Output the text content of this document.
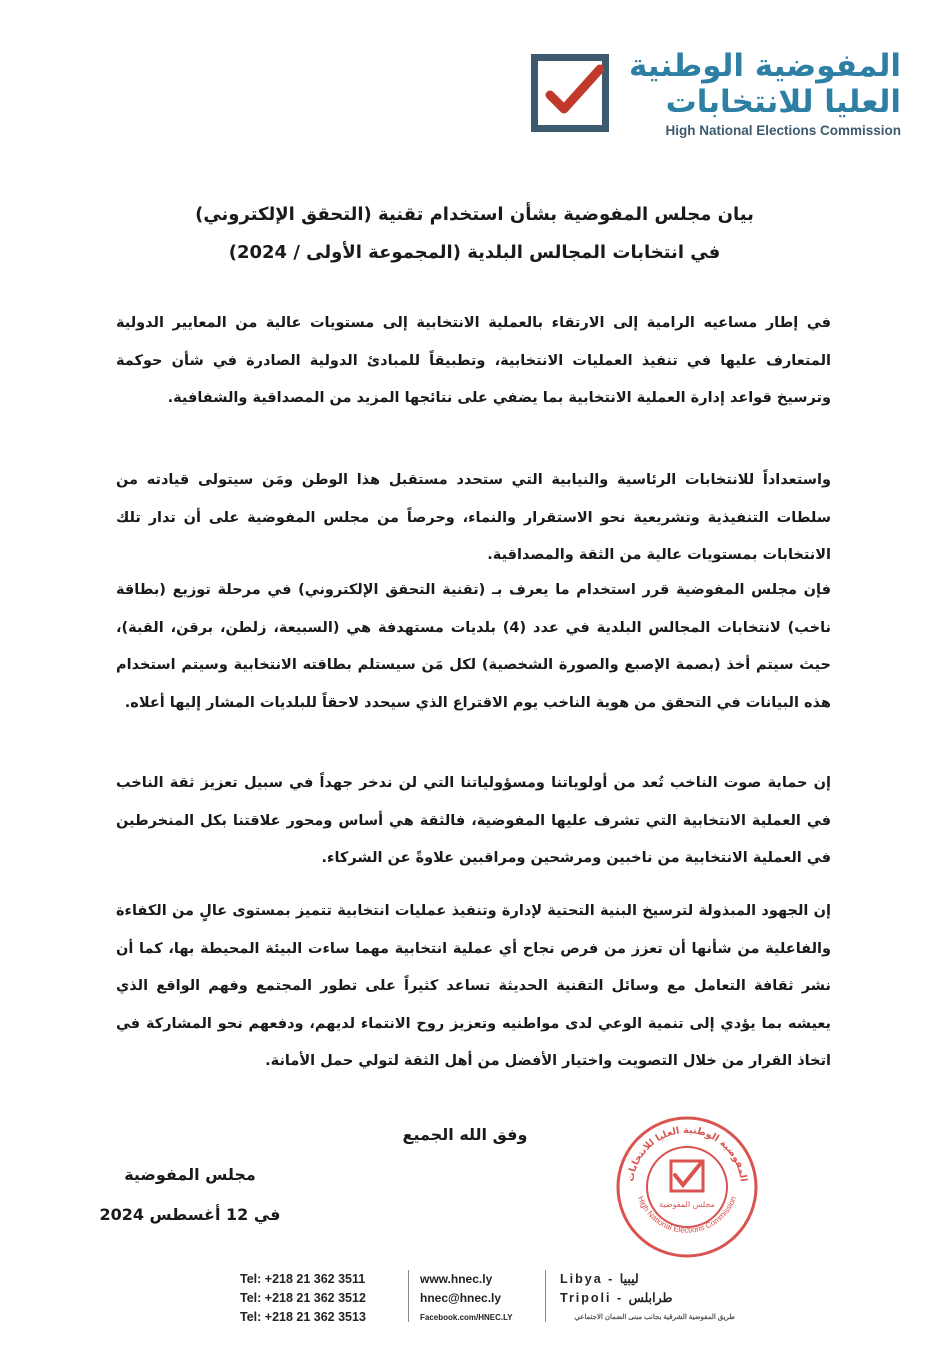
المفوضية الوطنية
العليا للانتخابات
High National Elections Commission
بيان مجلس المفوضية بشأن استخدام تقنية (التحقق الإلكتروني)
في انتخابات المجالس البلدية (المجموعة الأولى / 2024)
في إطار مساعيه الرامية إلى الارتقاء بالعملية الانتخابية إلى مستويات عالية من المعايير الدولية المتعارف عليها في تنفيذ العمليات الانتخابية، وتطبيقاً للمبادئ الدولية الصادرة في شأن حوكمة وترسيخ قواعد إدارة العملية الانتخابية بما يضفي على نتائجها المزيد من المصداقية والشفافية.
واستعداداً للانتخابات الرئاسية والنيابية التي ستحدد مستقبل هذا الوطن ومَن سيتولى قيادته من سلطات التنفيذية وتشريعية نحو الاستقرار والنماء، وحرصاً من مجلس المفوضية على أن تدار تلك الانتخابات بمستويات عالية من الثقة والمصداقية.
فإن مجلس المفوضية قرر استخدام ما يعرف بـ (تقنية التحقق الإلكتروني) في مرحلة توزيع (بطاقة ناخب) لانتخابات المجالس البلدية في عدد (4) بلديات مستهدفة هي (السبيعة، زلطن، برقن، القبة)، حيث سيتم أخذ (بصمة الإصبع والصورة الشخصية) لكل مَن سيستلم بطاقته الانتخابية وسيتم استخدام هذه البيانات في التحقق من هوية الناخب يوم الاقتراع الذي سيحدد لاحقاً للبلديات المشار إليها أعلاه.
إن حماية صوت الناخب تُعد من أولوياتنا ومسؤولياتنا التي لن ندخر جهداً في سبيل تعزيز ثقة الناخب في العملية الانتخابية التي تشرف عليها المفوضية، فالثقة هي أساس ومحور علاقتنا بكل المنخرطين في العملية الانتخابية من ناخبين ومرشحين ومراقبين علاوةً عن الشركاء.
إن الجهود المبذولة لترسيخ البنية التحتية لإدارة وتنفيذ عمليات انتخابية تتميز بمستوى عالٍ من الكفاءة والفاعلية من شأنها أن تعزز من فرص نجاح أي عملية انتخابية مهما ساءت البيئة المحيطة بها، كما أن نشر ثقافة التعامل مع وسائل التقنية الحديثة تساعد كثيراً على تطور المجتمع وفهم الواقع الذي يعيشه بما يؤدي إلى تنمية الوعي لدى مواطنيه وتعزيز روح الانتماء لديهم، ودفعهم نحو المشاركة في اتخاذ القرار من خلال التصويت واختيار الأفضل من أهل الثقة لتولي حمل الأمانة.
وفق الله الجميع
مجلس المفوضية
في 12 أغسطس 2024
المفوضية الوطنية العليا للانتخابات
High National Elections Commission
مجلس المفوضية
Tel: +218 21 362 3511
Tel: +218 21 362 3512
Tel: +218 21 362 3513
www.hnec.ly
hnec@hnec.ly
Facebook.com/HNEC.LY
Libya - ليبيا
Tripoli - طرابلس
طريق المفوضية الشرقية بجانب مبنى الضمان الاجتماعي
